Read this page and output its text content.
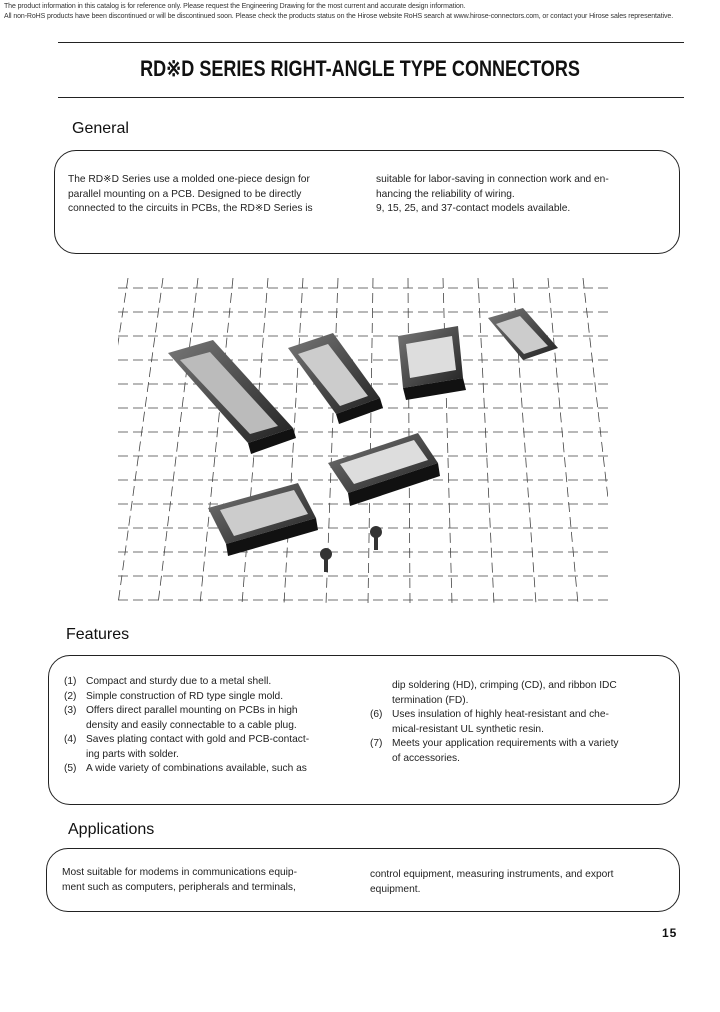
The product information in this catalog is for reference only. Please request the Engineering Drawing for the most current and accurate design information.
All non-RoHS products have been discontinued or will be discontinued soon. Please check the products status on the Hirose website RoHS search at www.hirose-connectors.com, or contact your Hirose sales representative.
RD※D SERIES RIGHT-ANGLE TYPE CONNECTORS
General

The RD※D Series use a molded one-piece design for

parallel mounting on a PCB. Designed to be directly

connected to the circuits in PCBs, the RD※D Series is

suitable for labor-saving in connection work and en-

hancing the reliability of wiring.

9, 15, 25, and 37-contact models available.

Features
(1) Compact and sturdy due to a metal shell.
(2) Simple construction of RD type single mold.
(3) Offers direct parallel mounting on PCBs in high
density and easily connectable to a cable plug.
(4) Saves plating contact with gold and PCB-contact-
ing parts with solder.
(5) A wide variety of combinations available, such as
dip soldering (HD), crimping (CD), and ribbon IDC
termination (FD).
(6) Uses insulation of highly heat-resistant and che-
mical-resistant UL synthetic resin.
(7) Meets your application requirements with a variety
of accessories.
Applications

Most suitable for modems in communications equip-

ment such as computers, peripherals and terminals,

control equipment, measuring instruments, and export

equipment.

15
